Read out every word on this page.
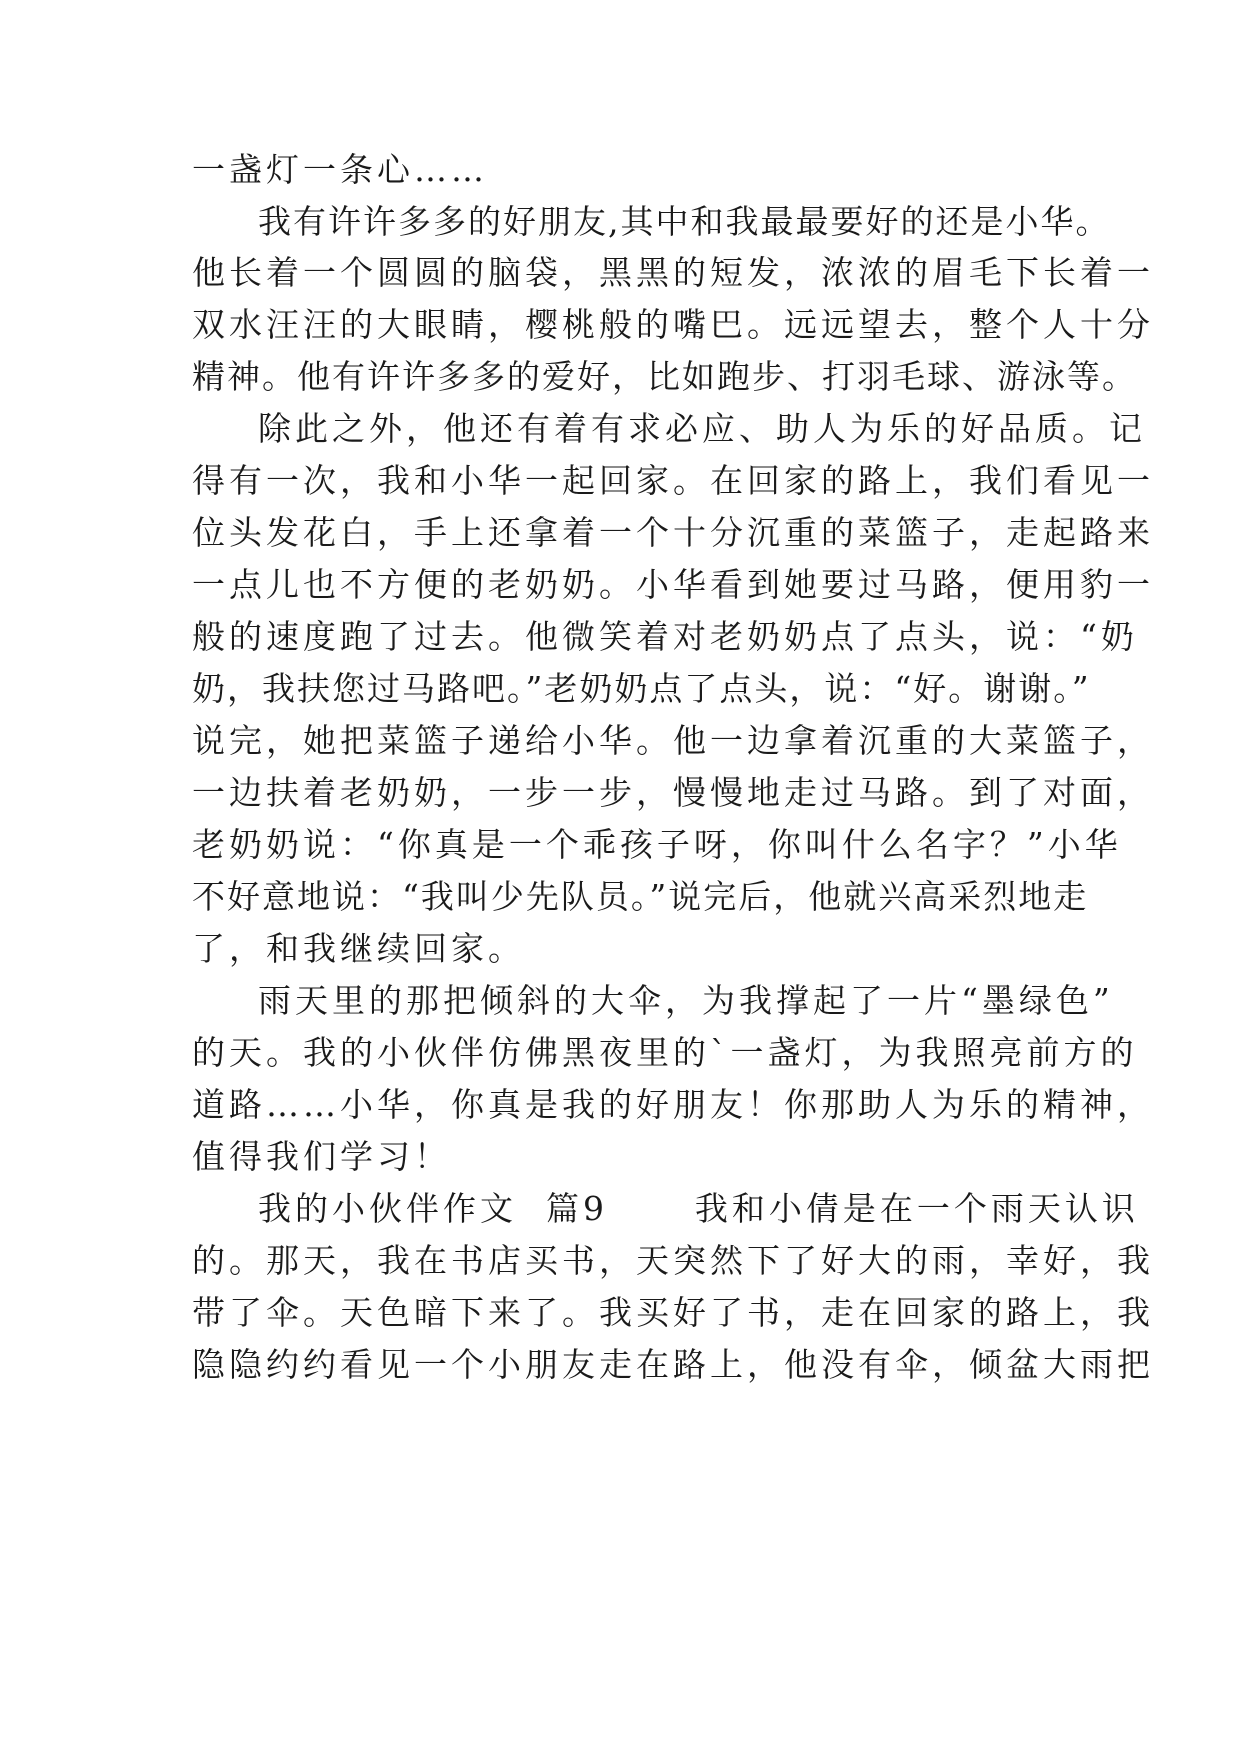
一盏灯一条心……
我有许许多多的好朋友,其中和我最最要好的还是小华。
他长着一个圆圆的脑袋，黑黑的短发，浓浓的眉毛下长着一
双水汪汪的大眼睛，樱桃般的嘴巴。远远望去，整个人十分
精神。他有许许多多的爱好，比如跑步、打羽毛球、游泳等。
除此之外，他还有着有求必应、助人为乐的好品质。记
得有一次，我和小华一起回家。在回家的路上，我们看见一
位头发花白，手上还拿着一个十分沉重的菜篮子，走起路来
一点儿也不方便的老奶奶。小华看到她要过马路，便用豹一
般的速度跑了过去。他微笑着对老奶奶点了点头，说：“奶
奶，我扶您过马路吧。”老奶奶点了点头，说：“好。谢谢。”
说完，她把菜篮子递给小华。他一边拿着沉重的大菜篮子，
一边扶着老奶奶，一步一步，慢慢地走过马路。到了对面，
老奶奶说：“你真是一个乖孩子呀，你叫什么名字？”小华
不好意地说：“我叫少先队员。”说完后，他就兴高采烈地走
了，和我继续回家。
雨天里的那把倾斜的大伞，为我撑起了一片“墨绿色”
的天。我的小伙伴仿佛黑夜里的`一盏灯，为我照亮前方的
道路……小华，你真是我的好朋友！你那助人为乐的精神，
值得我们学习！
我的小伙伴作文  篇9      我和小倩是在一个雨天认识
的。那天，我在书店买书，天突然下了好大的雨，幸好，我
带了伞。天色暗下来了。我买好了书，走在回家的路上，我
隐隐约约看见一个小朋友走在路上，他没有伞，倾盆大雨把
